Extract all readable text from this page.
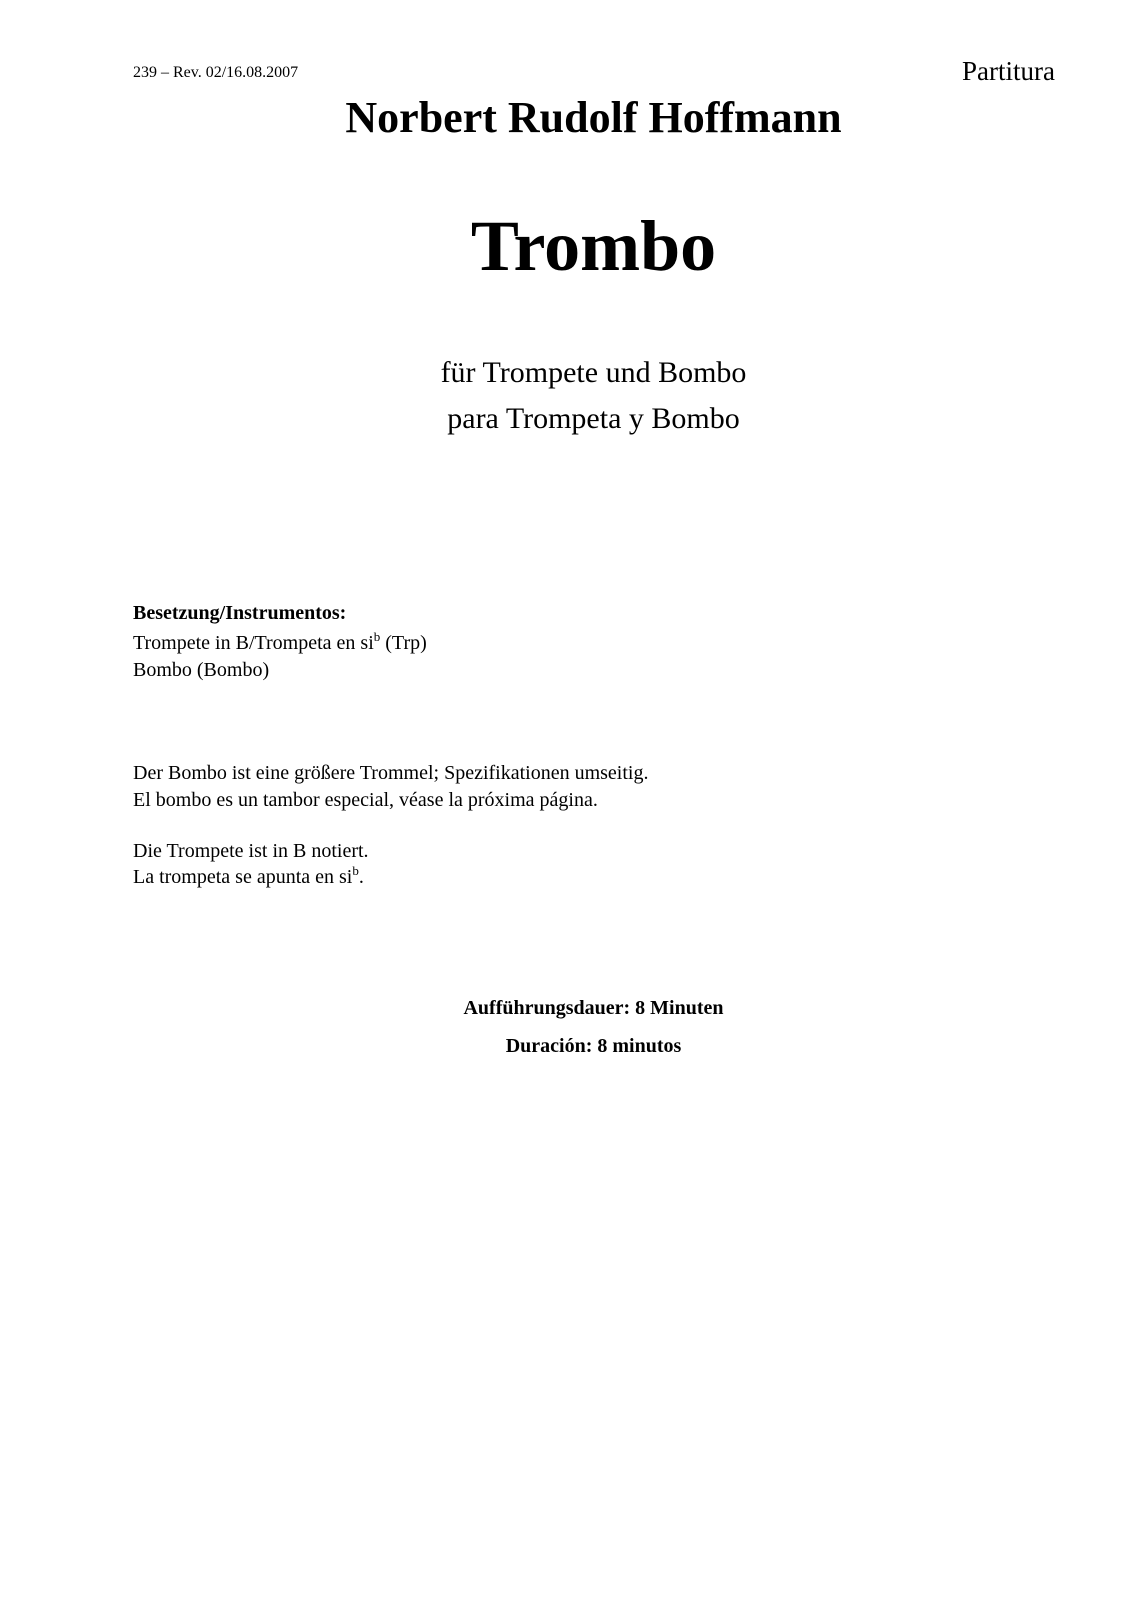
239 – Rev. 02/16.08.2007	Partitura
Norbert Rudolf Hoffmann
Trombo
für Trompete und Bombo
para Trompeta y Bombo
Besetzung/Instrumentos:
Trompete in B/Trompeta en $si^b$ (Trp)
Bombo (Bombo)
Der Bombo ist eine größere Trommel; Spezifikationen umseitig.
El bombo es un tambor especial, véase la próxima página.
Die Trompete ist in B notiert.
La trompeta se apunta en $si^b$.
Aufführungsdauer: 8 Minuten
Duración: 8 minutos
